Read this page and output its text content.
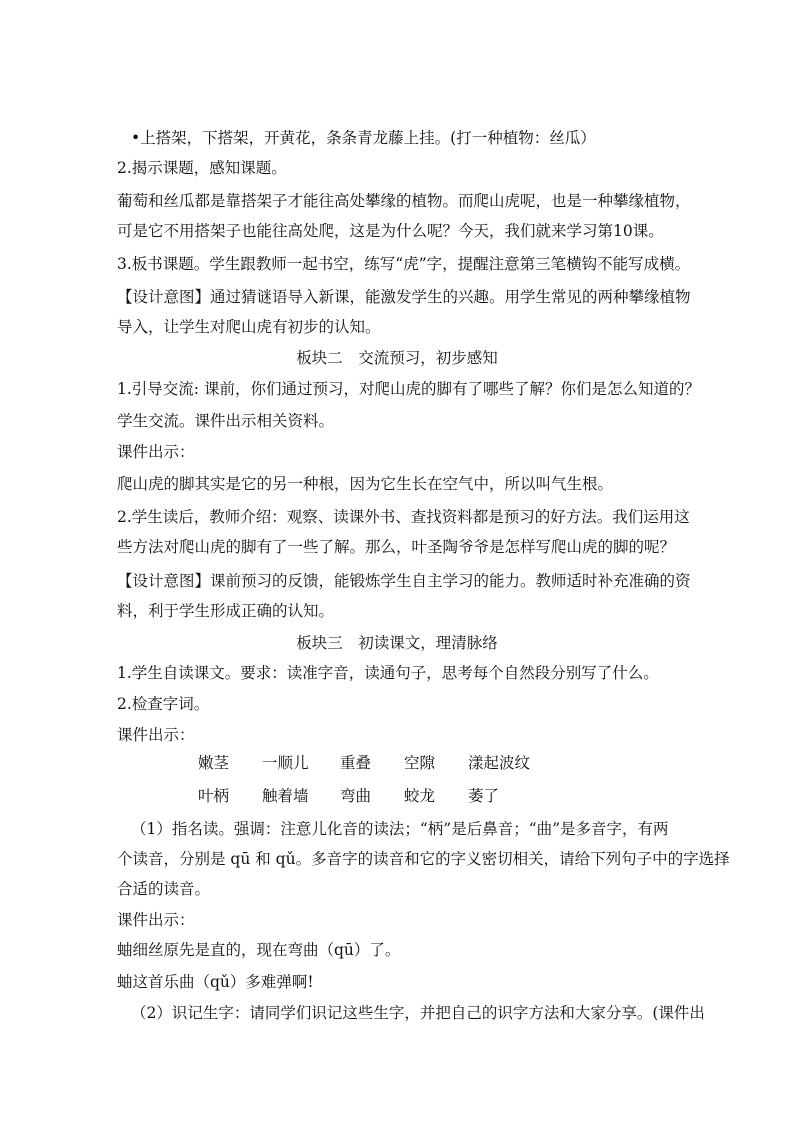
•上搭架，下搭架，开黄花，条条青龙藤上挂。(打一种植物：丝瓜）
2.揭示课题，感知课题。
葡萄和丝瓜都是靠搭架子才能往高处攀缘的植物。而爬山虎呢，也是一种攀缘植物，
可是它不用搭架子也能往高处爬，这是为什么呢？今天，我们就来学习第10课。
3.板书课题。学生跟教师一起书空，练写“虎”字，提醒注意第三笔横钩不能写成横。
【设计意图】通过猜谜语导入新课，能激发学生的兴趣。用学生常见的两种攀缘植物
导入，让学生对爬山虎有初步的认知。
板块二　交流预习，初步感知
1.引导交流: 课前，你们通过预习，对爬山虎的脚有了哪些了解？你们是怎么知道的？
学生交流。课件出示相关资料。
课件出示：
爬山虎的脚其实是它的另一种根，因为它生长在空气中，所以叫气生根。
2.学生读后，教师介绍：观察、读课外书、查找资料都是预习的好方法。我们运用这
些方法对爬山虎的脚有了一些了解。那么，叶圣陶爷爷是怎样写爬山虎的脚的呢？
【设计意图】课前预习的反馈，能锻炼学生自主学习的能力。教师适时补充准确的资
料，利于学生形成正确的认知。
板块三　初读课文，理清脉络
1.学生自读课文。要求：读准字音，读通句子，思考每个自然段分别写了什么。
2.检查字词。
课件出示：
嫩茎 一顺儿 重叠 空隙 漾起波纹
叶柄 触着墙 弯曲 蛟龙 萎了
（1）指名读。强调：注意儿化音的读法；“柄”是后鼻音；“曲”是多音字，有两
个读音，分别是 qū 和 qǔ。多音字的读音和它的字义密切相关，请给下列句子中的字选择
合适的读音。
课件出示：
蚰细丝原先是直的，现在弯曲（qū）了。
蚰这首乐曲（qǔ）多难弹啊!
（2）识记生字：请同学们识记这些生字，并把自己的识字方法和大家分享。(课件出
